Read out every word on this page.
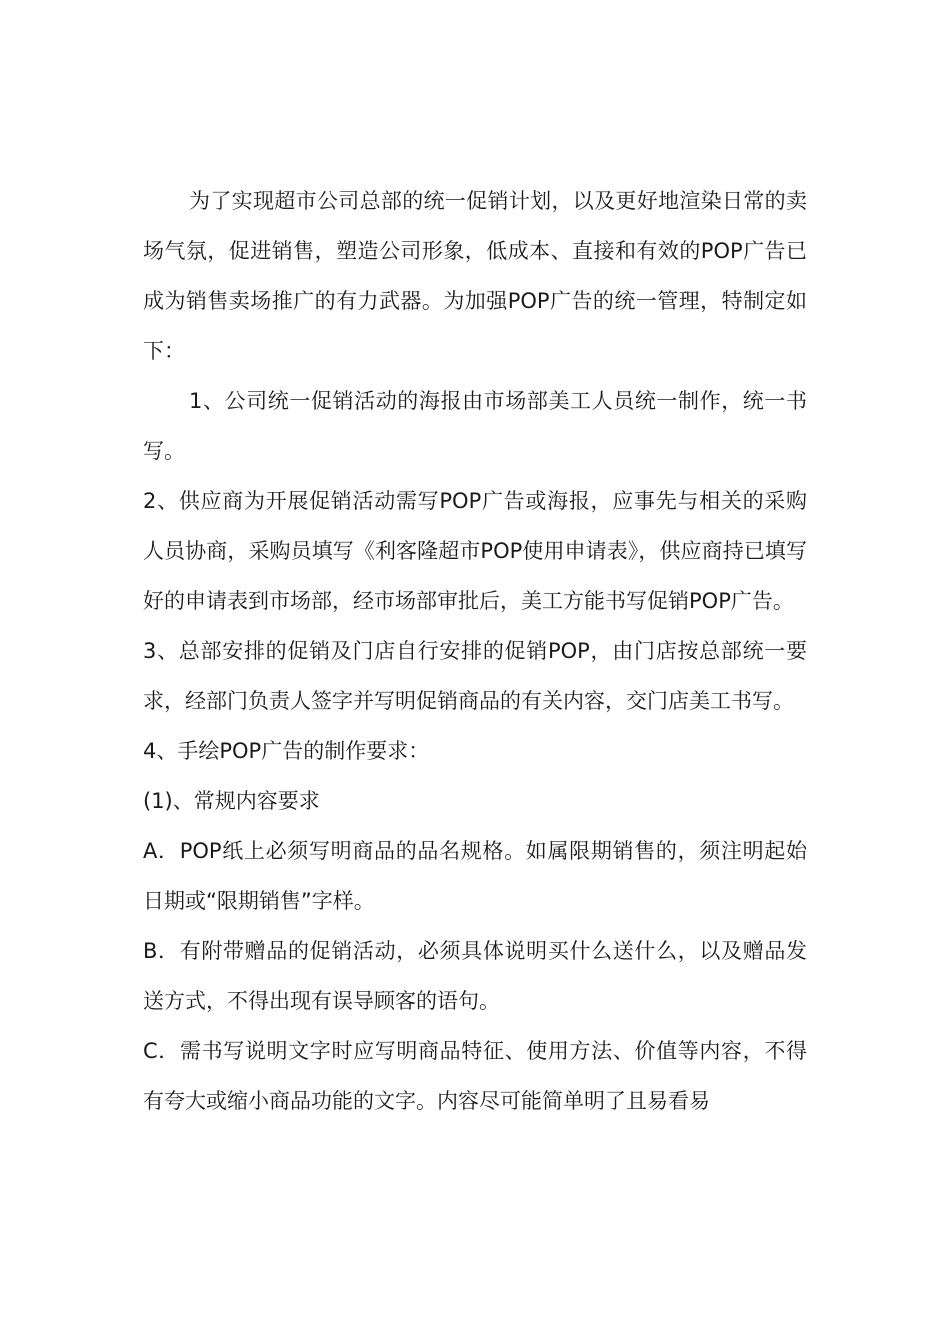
为了实现超市公司总部的统一促销计划，以及更好地渲染日常的卖场气氛，促进销售，塑造公司形象，低成本、直接和有效的POP广告已成为销售卖场推广的有力武器。为加强POP广告的统一管理，特制定如下：

1、公司统一促销活动的海报由市场部美工人员统一制作，统一书写。

2、供应商为开展促销活动需写POP广告或海报，应事先与相关的采购人员协商，采购员填写《利客隆超市POP使用申请表》，供应商持已填写好的申请表到市场部，经市场部审批后，美工方能书写促销POP广告。

3、总部安排的促销及门店自行安排的促销POP，由门店按总部统一要求，经部门负责人签字并写明促销商品的有关内容，交门店美工书写。

4、手绘POP广告的制作要求：

(1)、常规内容要求

A．POP纸上必须写明商品的品名规格。如属限期销售的，须注明起始日期或“限期销售”字样。

B．有附带赠品的促销活动，必须具体说明买什么送什么，以及赠品发送方式，不得出现有误导顾客的语句。

C．需书写说明文字时应写明商品特征、使用方法、价值等内容，不得有夸大或缩小商品功能的文字。内容尽可能简单明了且易看易
